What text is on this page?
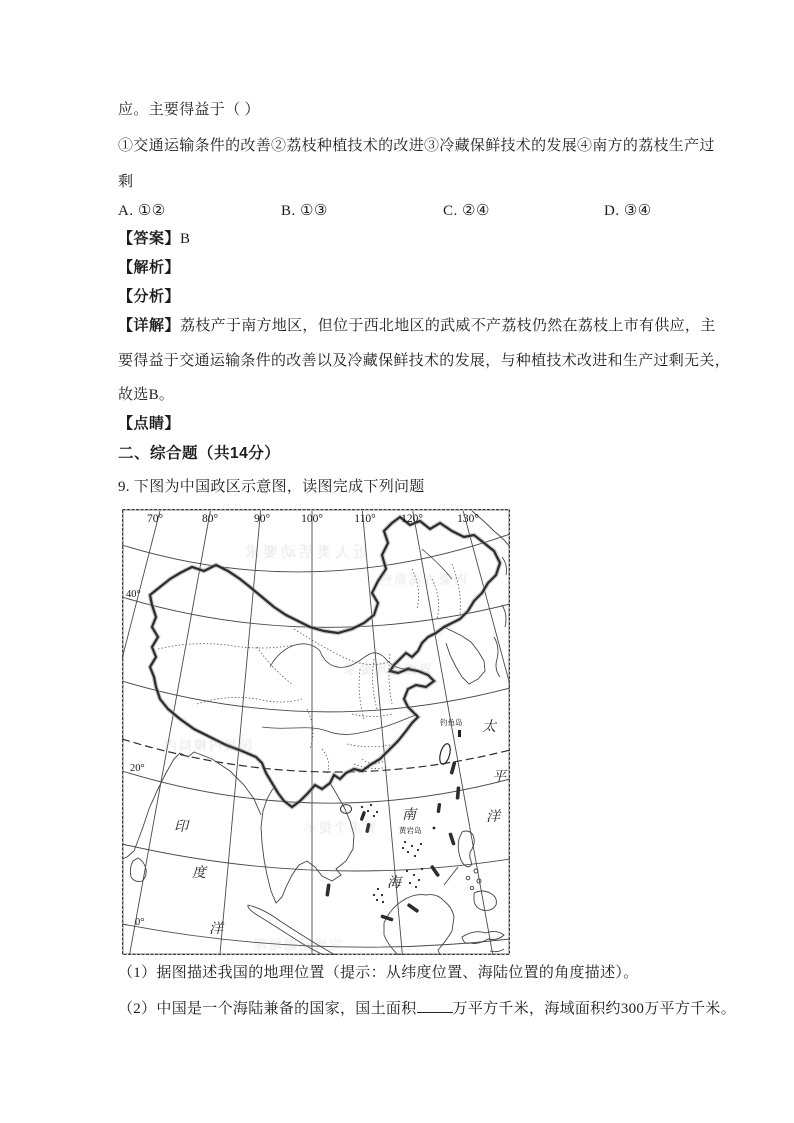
应。主要得益于（ ）
①交通运输条件的改善②荔枝种植技术的改进③冷藏保鲜技术的发展④南方的荔枝生产过
剩
A. ①②	B. ①③	C. ②④	D. ③④
【答案】B
【解析】
【分析】
【详解】荔枝产于南方地区，但位于西北地区的武威不产荔枝仍然在荔枝上市有供应，主
要得益于交通运输条件的改善以及冷藏保鲜技术的发展，与种植技术改进和生产过剩无关，
故选B。
【点睛】
二、综合题（共14分）
9. 下图为中国政区示意图，读图完成下列问题
70°	80°	90°	100°	110° 120°	130°
40°
20°
0°
太
平
洋
南
海
印
度
洋
钓鱼岛
黄岩岛
近人类活动要求
界面地理要求
国境内模拟内
要求个提示
完成问题地理
内蒙古高原些
（1）据图描述我国的地理位置（提示：从纬度位置、海陆位置的角度描述）。
（2）中国是一个海陆兼备的国家，国土面积 万平方千米，海域面积约300万平方千米。
